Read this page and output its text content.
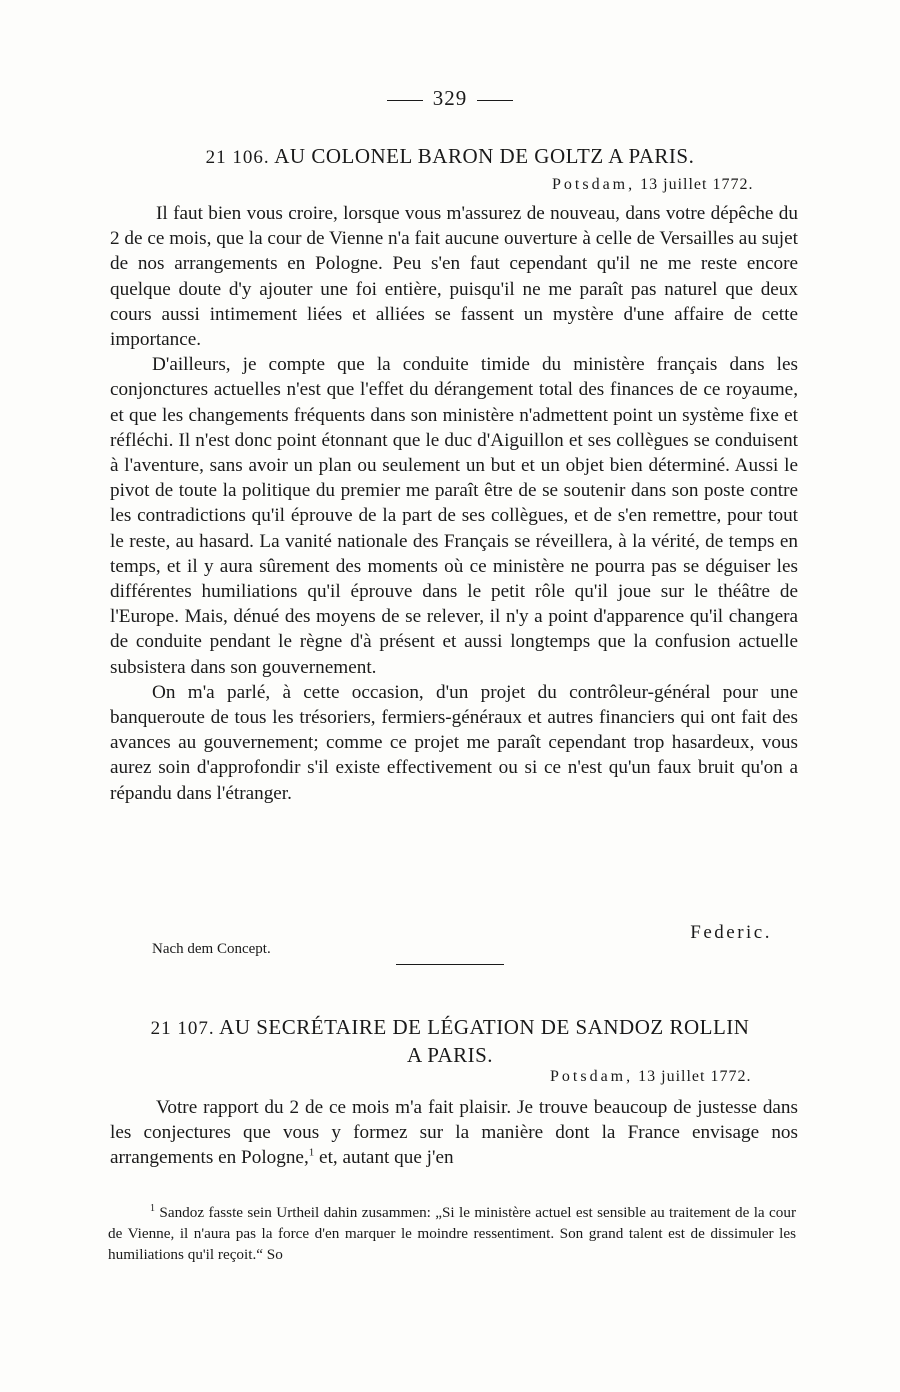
329
21 106. AU COLONEL BARON DE GOLTZ A PARIS.
Potsdam, 13 juillet 1772.

Il faut bien vous croire, lorsque vous m'assurez de nouveau, dans votre dépêche du 2 de ce mois, que la cour de Vienne n'a fait aucune ouverture à celle de Versailles au sujet de nos arrangements en Pologne. Peu s'en faut cependant qu'il ne me reste encore quelque doute d'y ajouter une foi entière, puisqu'il ne me paraît pas naturel que deux cours aussi intimement liées et alliées se fassent un mystère d'une affaire de cette importance.

D'ailleurs, je compte que la conduite timide du ministère français dans les conjonctures actuelles n'est que l'effet du dérangement total des finances de ce royaume, et que les changements fréquents dans son ministère n'admettent point un système fixe et réfléchi. Il n'est donc point étonnant que le duc d'Aiguillon et ses collègues se conduisent à l'aventure, sans avoir un plan ou seulement un but et un objet bien déterminé. Aussi le pivot de toute la politique du premier me paraît être de se soutenir dans son poste contre les contradictions qu'il éprouve de la part de ses collègues, et de s'en remettre, pour tout le reste, au hasard. La vanité nationale des Français se réveillera, à la vérité, de temps en temps, et il y aura sûrement des moments où ce ministère ne pourra pas se déguiser les différentes humiliations qu'il éprouve dans le petit rôle qu'il joue sur le théâtre de l'Europe. Mais, dénué des moyens de se relever, il n'y a point d'apparence qu'il changera de conduite pendant le règne d'à présent et aussi longtemps que la confusion actuelle subsistera dans son gouvernement.

On m'a parlé, à cette occasion, d'un projet du contrôleur-général pour une banqueroute de tous les trésoriers, fermiers-généraux et autres financiers qui ont fait des avances au gouvernement; comme ce projet me paraît cependant trop hasardeux, vous aurez soin d'approfondir s'il existe effectivement ou si ce n'est qu'un faux bruit qu'on a répandu dans l'étranger.

Federic.
Nach dem Concept.
21 107. AU SECRÉTAIRE DE LÉGATION DE SANDOZ ROLLIN
A PARIS.
Potsdam, 13 juillet 1772.

Votre rapport du 2 de ce mois m'a fait plaisir. Je trouve beaucoup de justesse dans les conjectures que vous y formez sur la manière dont la France envisage nos arrangements en Pologne,$^1$ et, autant que j'en

$^1$ Sandoz fasste sein Urtheil dahin zusammen: „Si le ministère actuel est sensible au traitement de la cour de Vienne, il n'aura pas la force d'en marquer le moindre ressentiment. Son grand talent est de dissimuler les humiliations qu'il reçoit.“ So
